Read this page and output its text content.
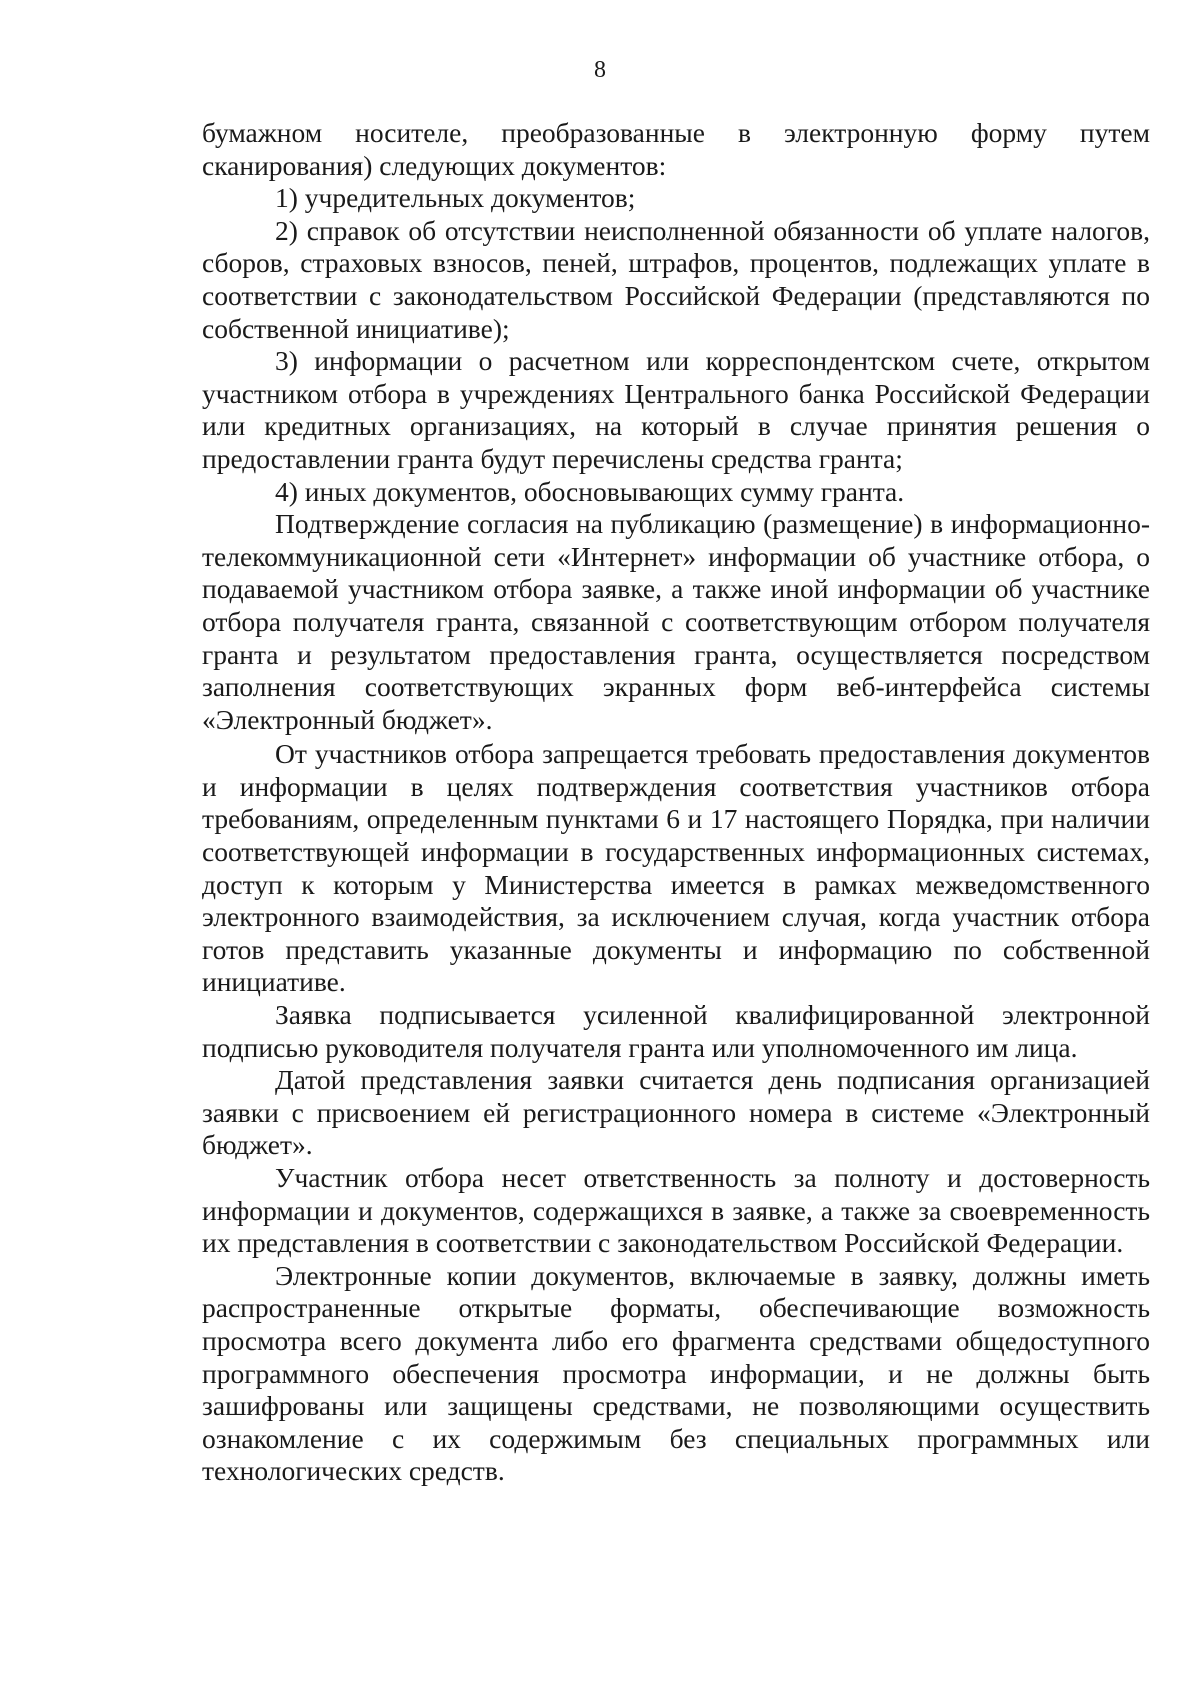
8

бумажном носителе, преобразованные в электронную форму путем сканирования) следующих документов:

1) учредительных документов;

2) справок об отсутствии неисполненной обязанности об уплате налогов, сборов, страховых взносов, пеней, штрафов, процентов, подлежащих уплате в соответствии с законодательством Российской Федерации (представляются по собственной инициативе);

3) информации о расчетном или корреспондентском счете, открытом участником отбора в учреждениях Центрального банка Российской Федерации или кредитных организациях, на который в случае принятия решения о предоставлении гранта будут перечислены средства гранта;

4) иных документов, обосновывающих сумму гранта.

Подтверждение согласия на публикацию (размещение) в информационно-телекоммуникационной сети «Интернет» информации об участнике отбора, о подаваемой участником отбора заявке, а также иной информации об участнике отбора получателя гранта, связанной с соответствующим отбором получателя гранта и результатом предоставления гранта, осуществляется посредством заполнения соответствующих экранных форм веб-интерфейса системы «Электронный бюджет».

От участников отбора запрещается требовать предоставления документов и информации в целях подтверждения соответствия участников отбора требованиям, определенным пунктами 6 и 17 настоящего Порядка, при наличии соответствующей информации в государственных информационных системах, доступ к которым у Министерства имеется в рамках межведомственного электронного взаимодействия, за исключением случая, когда участник отбора готов представить указанные документы и информацию по собственной инициативе.

Заявка подписывается усиленной квалифицированной электронной подписью руководителя получателя гранта или уполномоченного им лица.

Датой представления заявки считается день подписания организацией заявки с присвоением ей регистрационного номера в системе «Электронный бюджет».

Участник отбора несет ответственность за полноту и достоверность информации и документов, содержащихся в заявке, а также за своевременность их представления в соответствии с законодательством Российской Федерации.

Электронные копии документов, включаемые в заявку, должны иметь распространенные открытые форматы, обеспечивающие возможность просмотра всего документа либо его фрагмента средствами общедоступного программного обеспечения просмотра информации, и не должны быть зашифрованы или защищены средствами, не позволяющими осуществить ознакомление с их содержимым без специальных программных или технологических средств.
